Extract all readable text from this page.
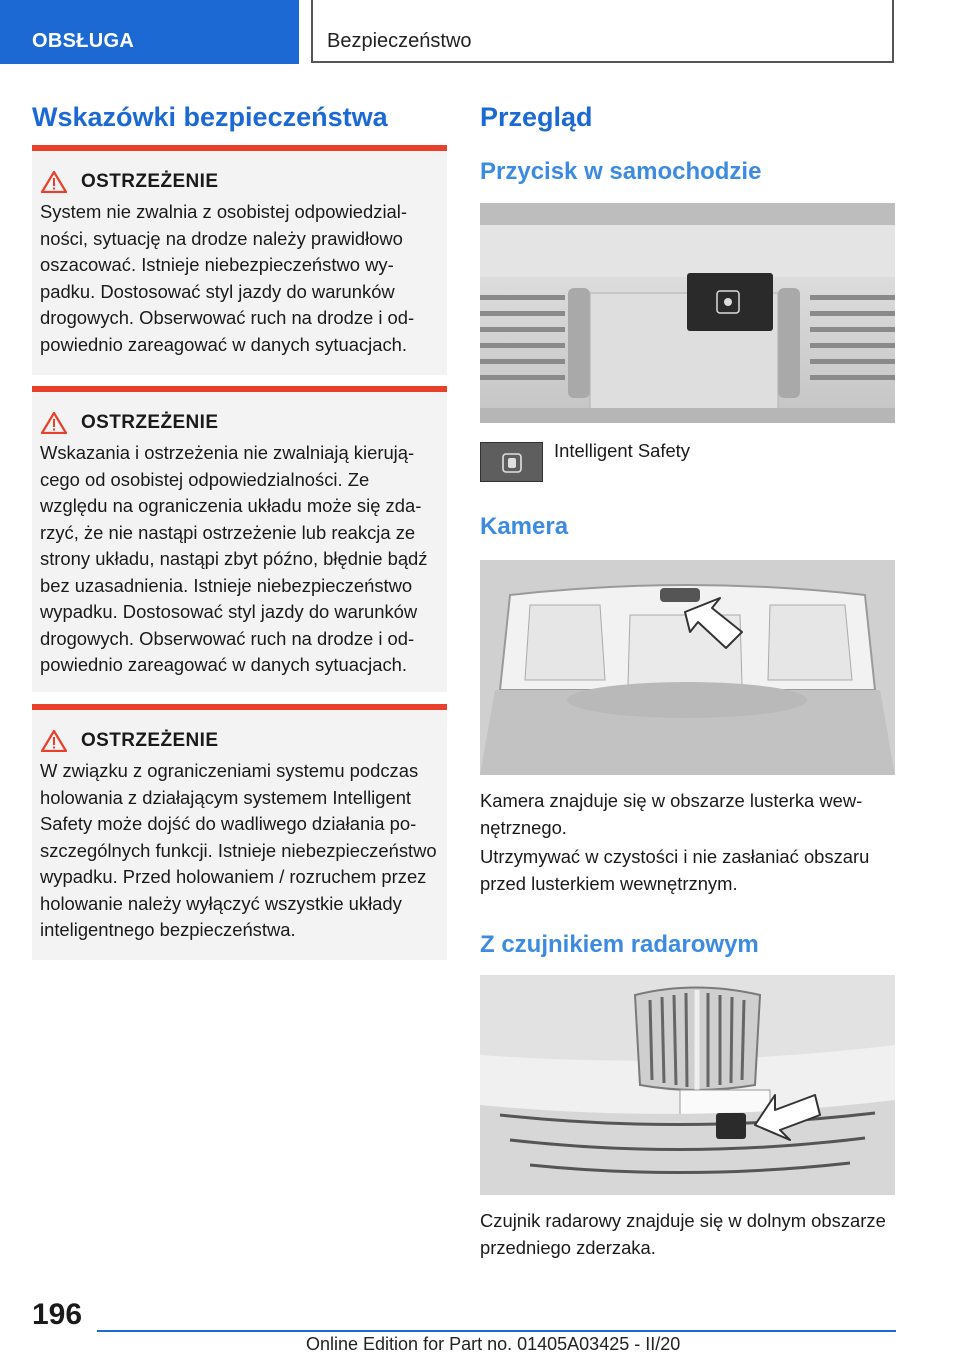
OBSŁUGA	Bezpieczeństwo
Wskazówki bezpieczeństwa
OSTRZEŻENIE
System nie zwalnia z osobistej odpowiedzialności, sytuację na drodze należy prawidłowo oszacować. Istnieje niebezpieczeństwo wypadku. Dostosować styl jazdy do warunków drogowych. Obserwować ruch na drodze i odpowiednio zareagować w danych sytuacjach.
OSTRZEŻENIE
Wskazania i ostrzeżenia nie zwalniają kierującego od osobistej odpowiedzialności. Ze względu na ograniczenia układu może się zdarzyć, że nie nastąpi ostrzeżenie lub reakcja ze strony układu, nastąpi zbyt późno, błędnie bądź bez uzasadnienia. Istnieje niebezpieczeństwo wypadku. Dostosować styl jazdy do warunków drogowych. Obserwować ruch na drodze i odpowiednio zareagować w danych sytuacjach.
OSTRZEŻENIE
W związku z ograniczeniami systemu podczas holowania z działającym systemem Intelligent Safety może dojść do wadliwego działania poszczególnych funkcji. Istnieje niebezpieczeństwo wypadku. Przed holowaniem / rozruchem przez holowanie należy wyłączyć wszystkie układy inteligentnego bezpieczeństwa.
Przegląd
Przycisk w samochodzie
Intelligent Safety
Kamera
Kamera znajduje się w obszarze lusterka wewnętrznego.
Utrzymywać w czystości i nie zasłaniać obszaru przed lusterkiem wewnętrznym.
Z czujnikiem radarowym
Czujnik radarowy znajduje się w dolnym obszarze przedniego zderzaka.
196
Online Edition for Part no. 01405A03425 - II/20
